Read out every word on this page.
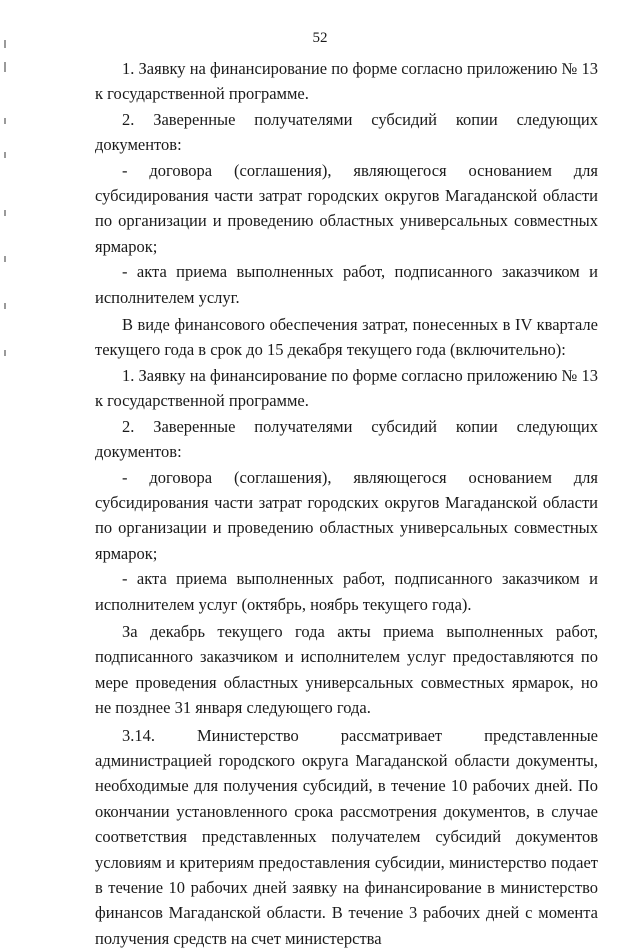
52

1. Заявку на финансирование по форме согласно приложению № 13 к государственной программе.

2. Заверенные получателями субсидий копии следующих документов:

- договора (соглашения), являющегося основанием для субсидирования части затрат городских округов Магаданской области по организации и проведению областных универсальных совместных ярмарок;

- акта приема выполненных работ, подписанного заказчиком и исполнителем услуг.

В виде финансового обеспечения затрат, понесенных в IV квартале текущего года в срок до 15 декабря текущего года (включительно):

1. Заявку на финансирование по форме согласно приложению № 13 к государственной программе.

2. Заверенные получателями субсидий копии следующих документов:

- договора (соглашения), являющегося основанием для субсидирования части затрат городских округов Магаданской области по организации и проведению областных универсальных совместных ярмарок;

- акта приема выполненных работ, подписанного заказчиком и исполнителем услуг (октябрь, ноябрь текущего года).

За декабрь текущего года акты приема выполненных работ, подписанного заказчиком и исполнителем услуг предоставляются по мере проведения областных универсальных совместных ярмарок, но не позднее 31 января следующего года.

3.14. Министерство рассматривает представленные администрацией городского округа Магаданской области документы, необходимые для получения субсидий, в течение 10 рабочих дней. По окончании установленного срока рассмотрения документов, в случае соответствия представленных получателем субсидий документов условиям и критериям предоставления субсидии, министерство подает в течение 10 рабочих дней заявку на финансирование в министерство финансов Магаданской области. В течение 3 рабочих дней с момента получения средств на счет министерства
